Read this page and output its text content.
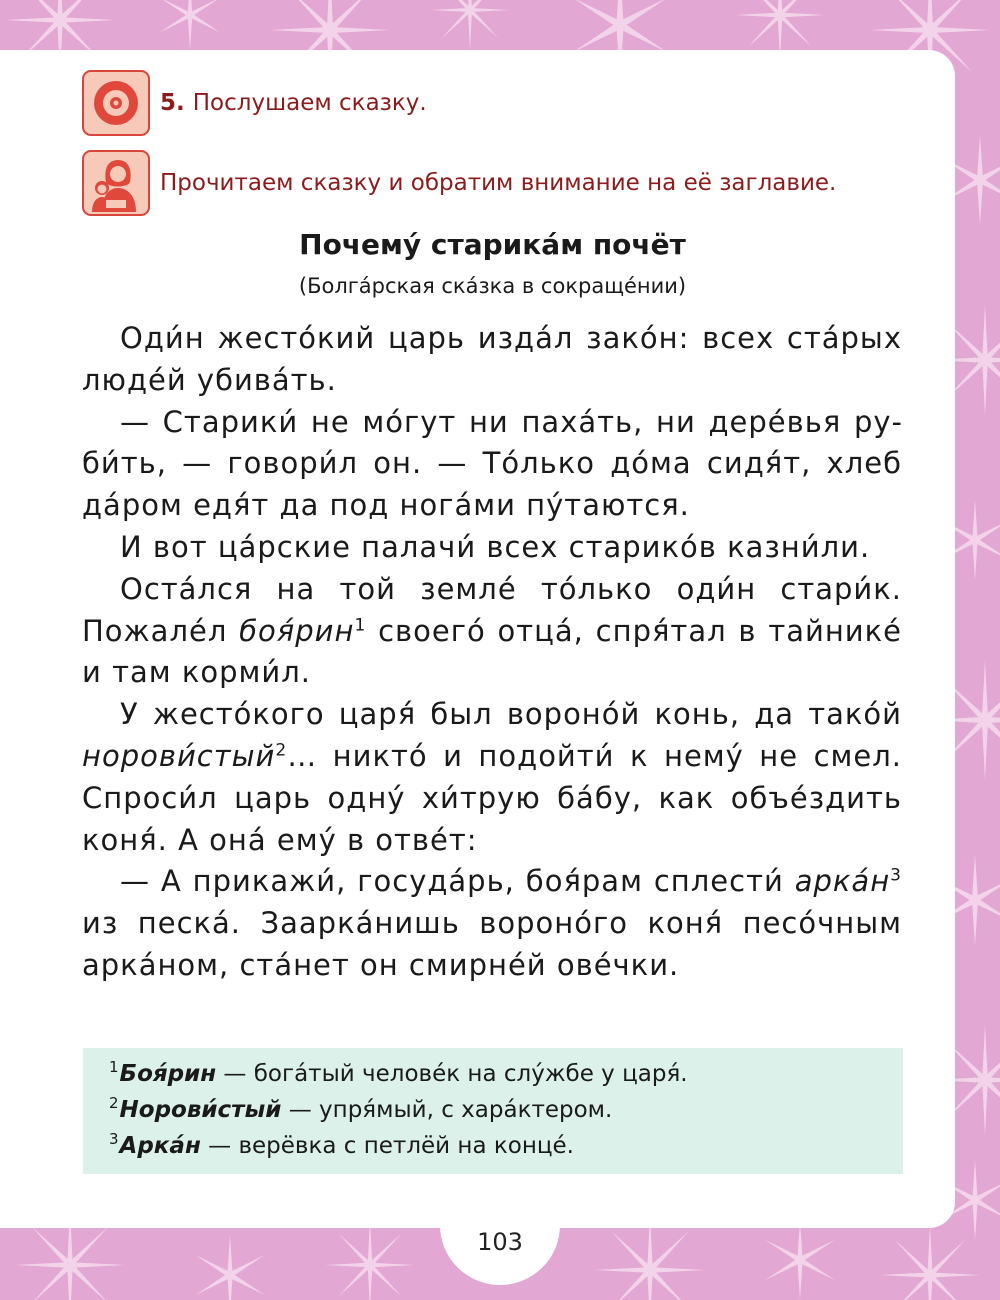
5. Послушаем сказку.
Прочитаем сказку и обратим внимание на её заглавие.
Почему́ старика́м почёт
(Болга́рская ска́зка в сокраще́нии)

Оди́н жесто́кий царь изда́л зако́н: всех ста́рых люде́й убива́ть.

— Старики́ не мо́гут ни паха́ть, ни дере́вья руби́ть, — говори́л он. — То́лько до́ма сидя́т, хлеб да́ром едя́т да под нога́ми пу́таются.

И вот ца́рские палачи́ всех старико́в казни́ли.

Оста́лся на той земле́ то́лько оди́н стари́к. Пожале́л боя́рин$^1$ своего́ отца́, спря́тал в тайнике́ и там корми́л.

У жесто́кого царя́ был вороно́й конь, да тако́й норови́стый$^2$… никто́ и подойти́ к нему́ не смел. Спроси́л царь одну́ хи́трую ба́бу, как объе́здить коня́. А она́ ему́ в отве́т:

— А прикажи́, госуда́рь, боя́рам сплести́ $арка́н^3$ из песка́. Заарка́нишь вороно́го коня́ песо́чным арка́ном, ста́нет он смирне́й ове́чки.

$^1$Боя́рин — бога́тый челове́к на слу́жбе у царя́.
$^2$Норови́стый — упря́мый, с хара́ктером.
$^3$Арка́н — верёвка с петлёй на конце́.
103
